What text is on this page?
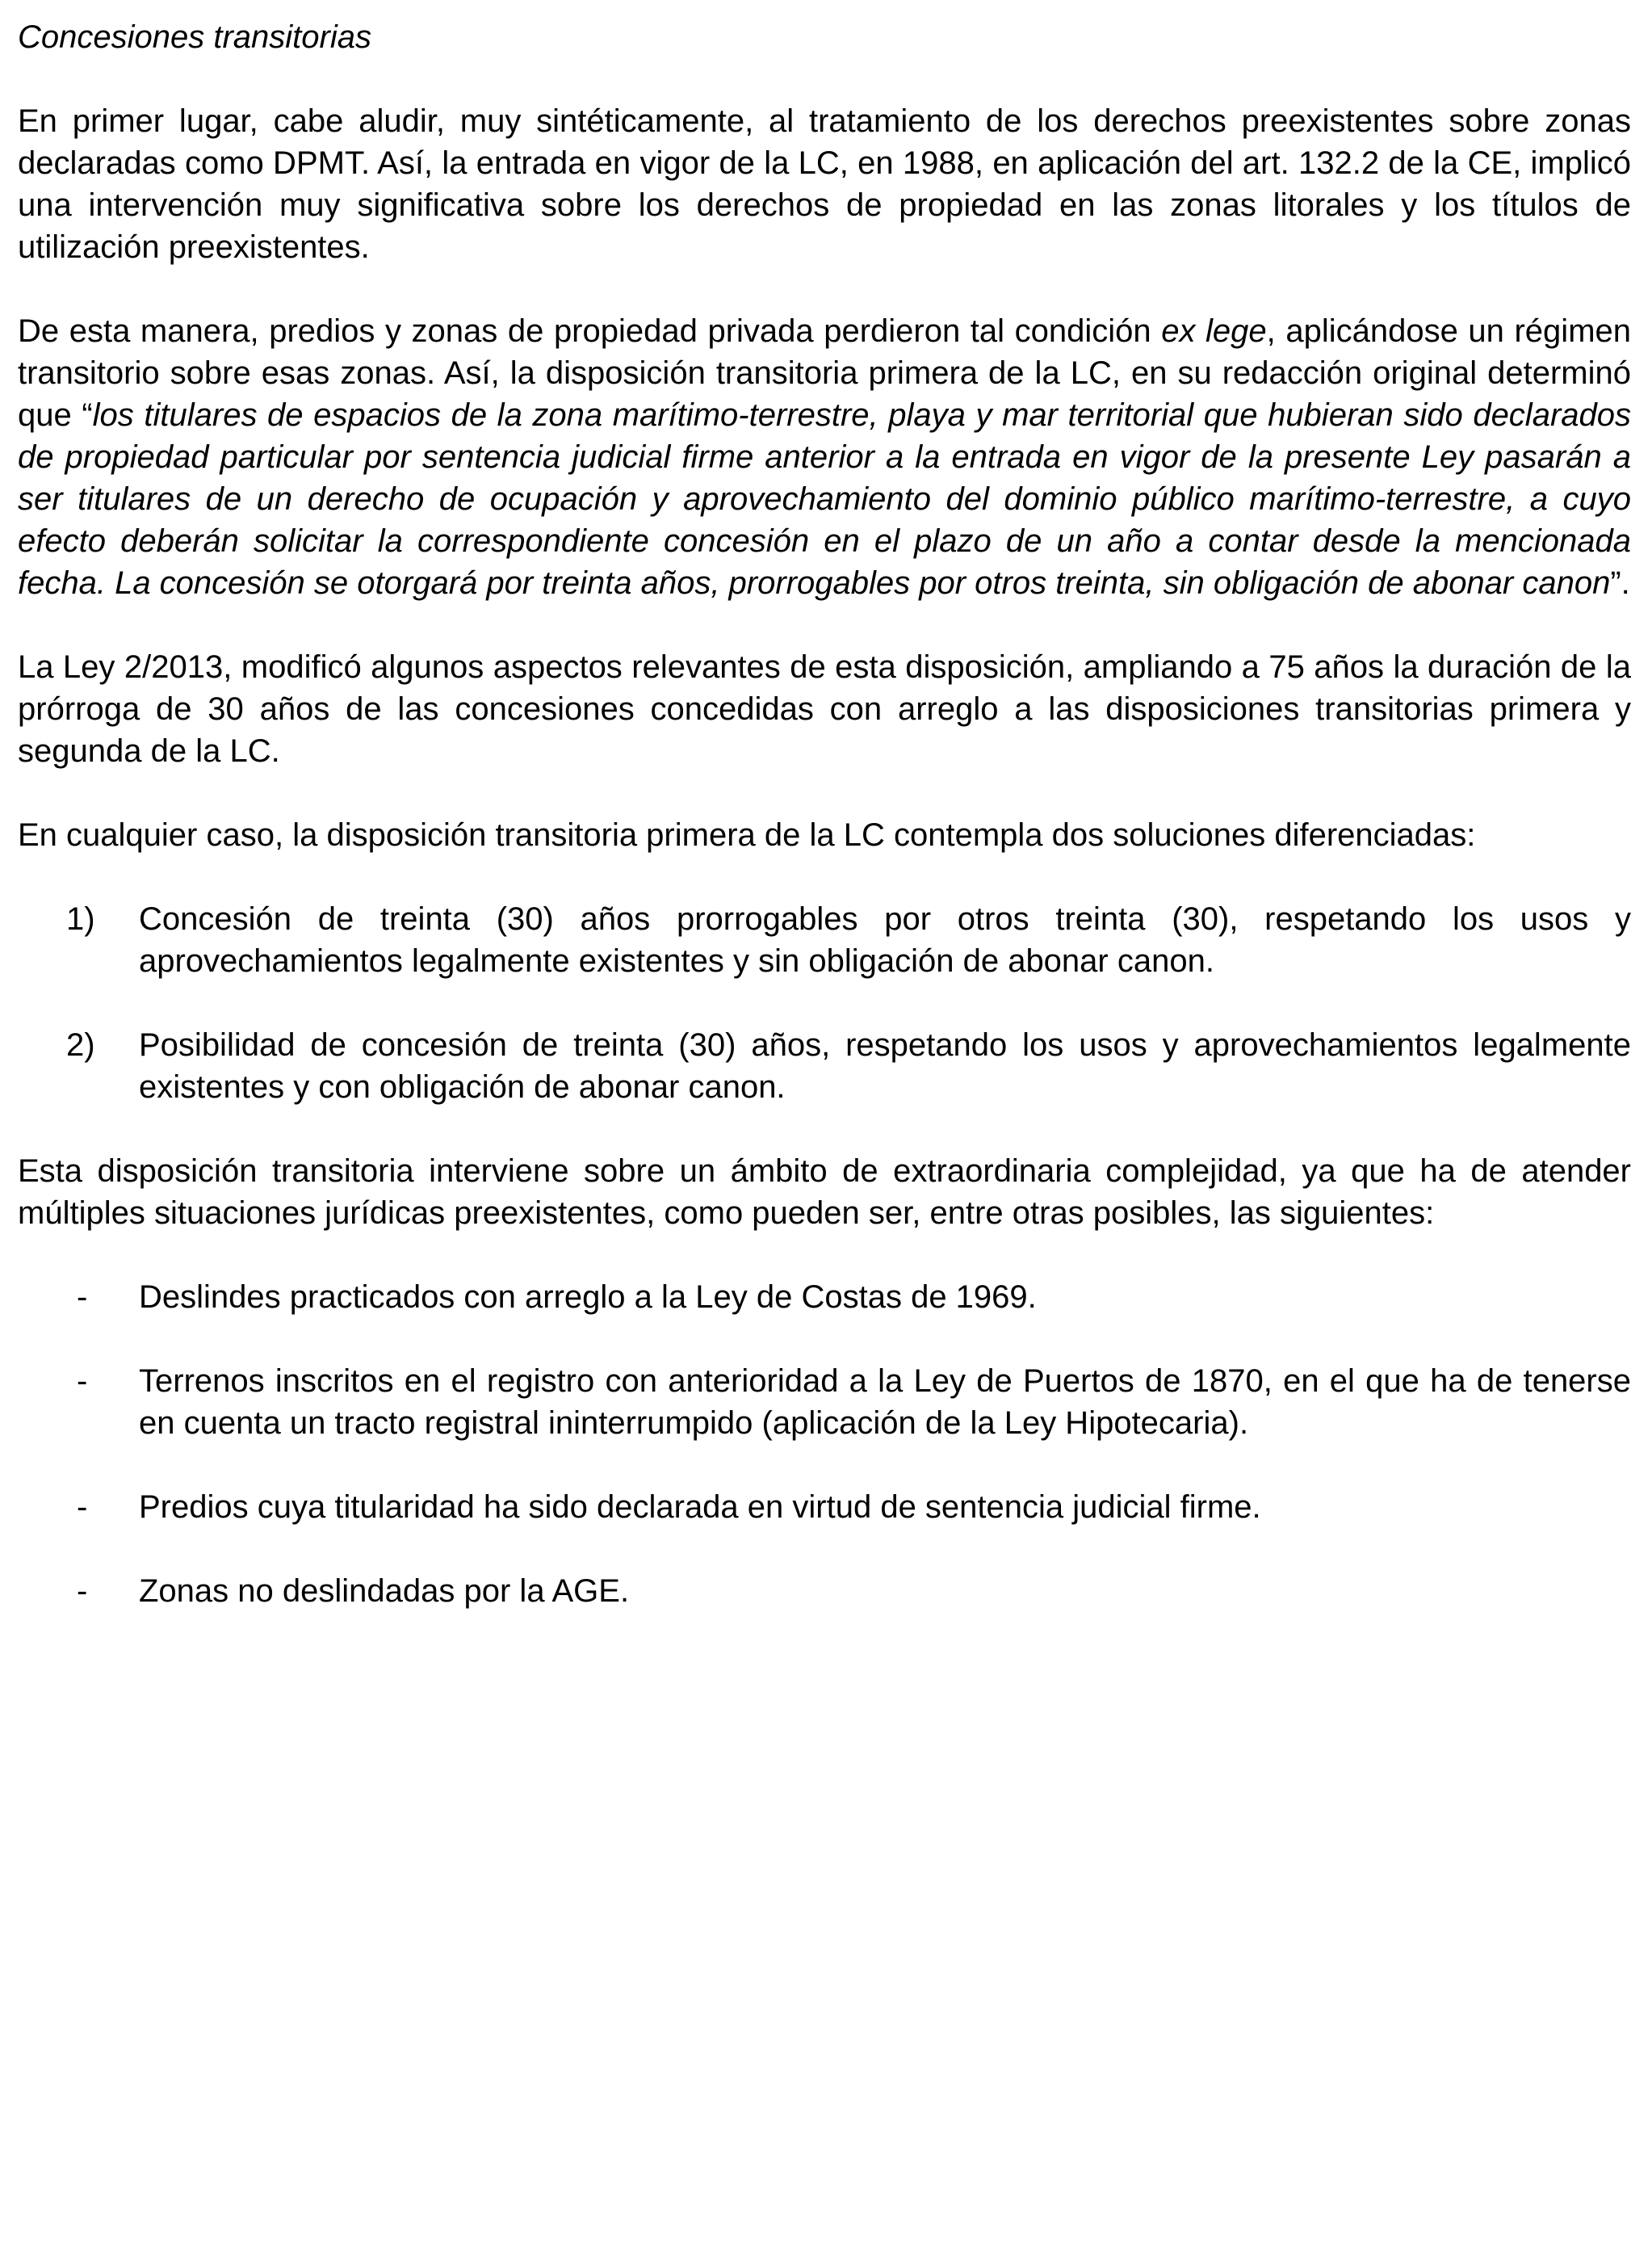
Concesiones transitorias

En primer lugar, cabe aludir, muy sintéticamente, al tratamiento de los derechos preexistentes sobre zonas declaradas como DPMT. Así, la entrada en vigor de la LC, en 1988, en aplicación del art. 132.2 de la CE, implicó una intervención muy significativa sobre los derechos de propiedad en las zonas litorales y los títulos de utilización preexistentes.

De esta manera, predios y zonas de propiedad privada perdieron tal condición ex lege, aplicándose un régimen transitorio sobre esas zonas. Así, la disposición transitoria primera de la LC, en su redacción original determinó que “los titulares de espacios de la zona marítimo-terrestre, playa y mar territorial que hubieran sido declarados de propiedad particular por sentencia judicial firme anterior a la entrada en vigor de la presente Ley pasarán a ser titulares de un derecho de ocupación y aprovechamiento del dominio público marítimo-terrestre, a cuyo efecto deberán solicitar la correspondiente concesión en el plazo de un año a contar desde la mencionada fecha. La concesión se otorgará por treinta años, prorrogables por otros treinta, sin obligación de abonar canon”.

La Ley 2/2013, modificó algunos aspectos relevantes de esta disposición, ampliando a 75 años la duración de la prórroga de 30 años de las concesiones concedidas con arreglo a las disposiciones transitorias primera y segunda de la LC.

En cualquier caso, la disposición transitoria primera de la LC contempla dos soluciones diferenciadas:

1) Concesión de treinta (30) años prorrogables por otros treinta (30), respetando los usos y aprovechamientos legalmente existentes y sin obligación de abonar canon.
2) Posibilidad de concesión de treinta (30) años, respetando los usos y aprovechamientos legalmente existentes y con obligación de abonar canon.

Esta disposición transitoria interviene sobre un ámbito de extraordinaria complejidad, ya que ha de atender múltiples situaciones jurídicas preexistentes, como pueden ser, entre otras posibles, las siguientes:

- Deslindes practicados con arreglo a la Ley de Costas de 1969.
- Terrenos inscritos en el registro con anterioridad a la Ley de Puertos de 1870, en el que ha de tenerse en cuenta un tracto registral ininterrumpido (aplicación de la Ley Hipotecaria).
- Predios cuya titularidad ha sido declarada en virtud de sentencia judicial firme.
- Zonas no deslindadas por la AGE.
